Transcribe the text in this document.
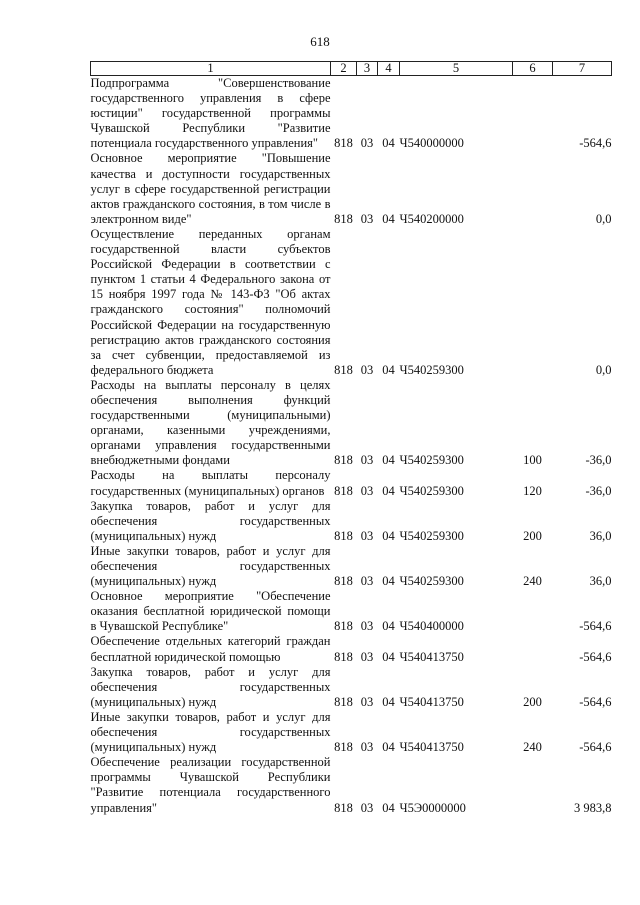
618
1	2	3	4	5	6	7
Подпрограмма "Совершенствование государственного управления в сфере юстиции" государственной программы Чувашской Республики "Развитие потенциала государственного управления"	818	03	04	Ч540000000		-564,6
Основное мероприятие "Повышение качества и доступности государственных услуг в сфере государственной регистрации актов гражданского состояния, в том числе в электронном виде"	818	03	04	Ч540200000		0,0
Осуществление переданных органам государственной власти субъектов Российской Федерации в соответствии с пунктом 1 статьи 4 Федерального закона от 15 ноября 1997 года № 143-ФЗ "Об актах гражданского состояния" полномочий Российской Федерации на государственную регистрацию актов гражданского состояния за счет субвенции, предоставляемой из федерального бюджета	818	03	04	Ч540259300		0,0
Расходы на выплаты персоналу в целях обеспечения выполнения функций государственными (муниципальными) органами, казенными учреждениями, органами управления государственными внебюджетными фондами	818	03	04	Ч540259300	100	-36,0
Расходы на выплаты персоналу государственных (муниципальных) органов	818	03	04	Ч540259300	120	-36,0
Закупка товаров, работ и услуг для обеспечения государственных (муниципальных) нужд	818	03	04	Ч540259300	200	36,0
Иные закупки товаров, работ и услуг для обеспечения государственных (муниципальных) нужд	818	03	04	Ч540259300	240	36,0
Основное мероприятие "Обеспечение оказания бесплатной юридической помощи в Чувашской Республике"	818	03	04	Ч540400000		-564,6
Обеспечение отдельных категорий граждан бесплатной юридической помощью	818	03	04	Ч540413750		-564,6
Закупка товаров, работ и услуг для обеспечения государственных (муниципальных) нужд	818	03	04	Ч540413750	200	-564,6
Иные закупки товаров, работ и услуг для обеспечения государственных (муниципальных) нужд	818	03	04	Ч540413750	240	-564,6
Обеспечение реализации государственной программы Чувашской Республики "Развитие потенциала государственного управления"	818	03	04	Ч5Э0000000		3 983,8
